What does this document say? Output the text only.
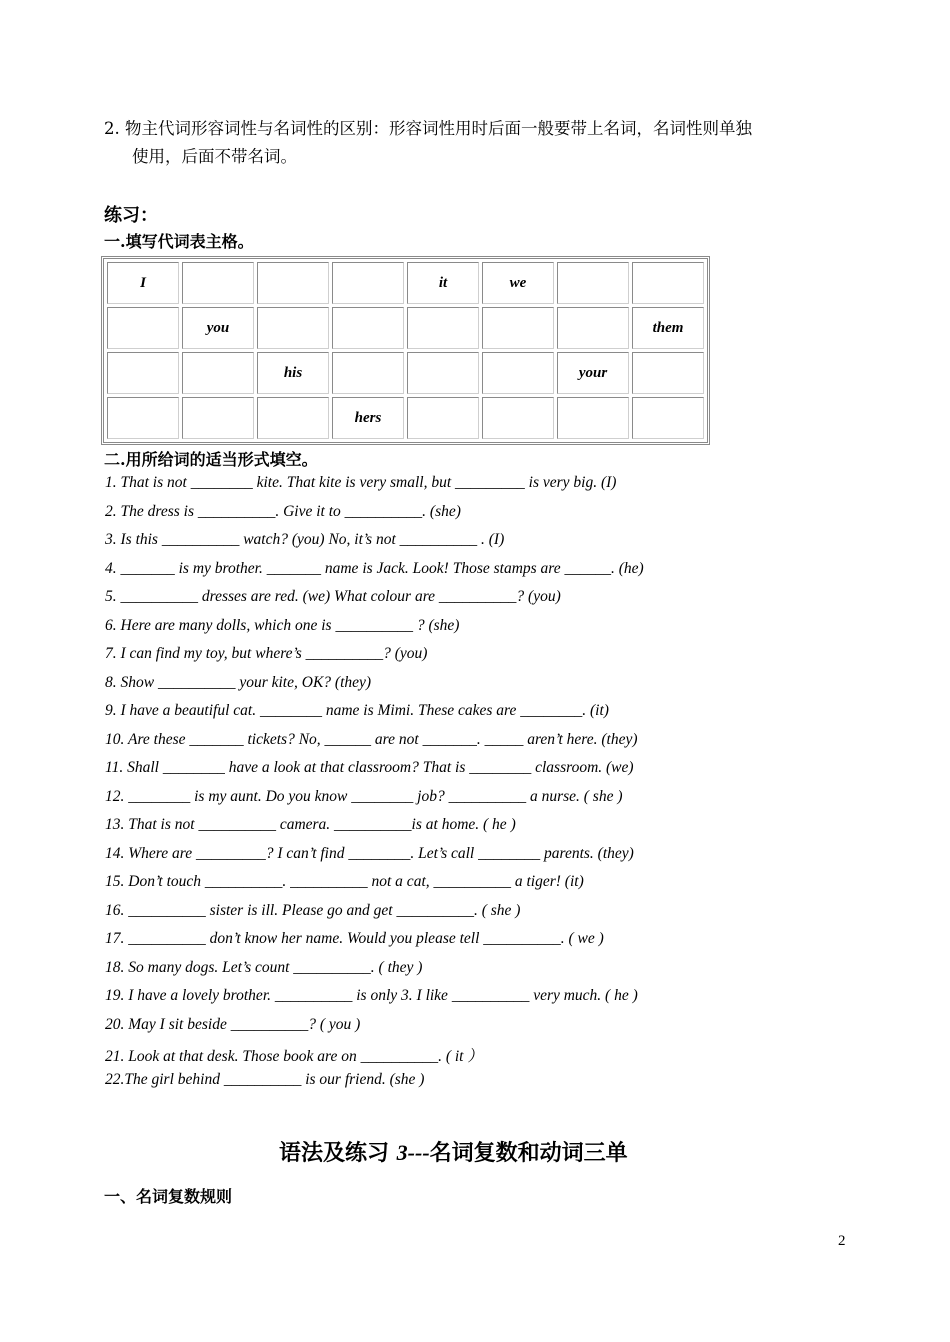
2. 物主代词形容词性与名词性的区别：形容词性用时后面一般要带上名词，名词性则单独
使用，后面不带名词。
练习：
一.填写代词表主格。
I				it	we		
	you						them
		his				your	
			hers				
二.用所给词的适当形式填空。
1. That is not ________ kite. That kite is very small, but _________ is very big. (I)
2. The dress is __________. Give it to __________. (she)
3. Is this __________ watch? (you) No, it’s not __________ . (I)
4. _______ is my brother. _______ name is Jack. Look! Those stamps are ______. (he)
5. __________ dresses are red. (we) What colour are __________? (you)
6. Here are many dolls, which one is __________ ? (she)
7. I can find my toy, but where’s __________? (you)
8. Show __________ your kite, OK? (they)
9. I have a beautiful cat. ________ name is Mimi. These cakes are ________. (it)
10. Are these _______ tickets? No, ______ are not _______. _____ aren’t here. (they)
11. Shall ________ have a look at that classroom? That is ________ classroom. (we)
12. ________ is my aunt. Do you know ________ job? __________ a nurse. ( she )
13. That is not __________ camera. __________is at home. ( he )
14. Where are _________? I can’t find ________. Let’s call ________ parents. (they)
15. Don’t touch __________. __________ not a cat, __________ a tiger! (it)
16. __________ sister is ill. Please go and get __________. ( she )
17. __________ don’t know her name. Would you please tell __________. ( we )
18. So many dogs. Let’s count __________. ( they )
19. I have a lovely brother. __________ is only 3. I like __________ very much. ( he )
20. May I sit beside __________? ( you )
21. Look at that desk. Those book are on __________. ( it ）
22.The girl behind __________ is our friend. (she )
语法及练习 3---名词复数和动词三单
一、名词复数规则
2
